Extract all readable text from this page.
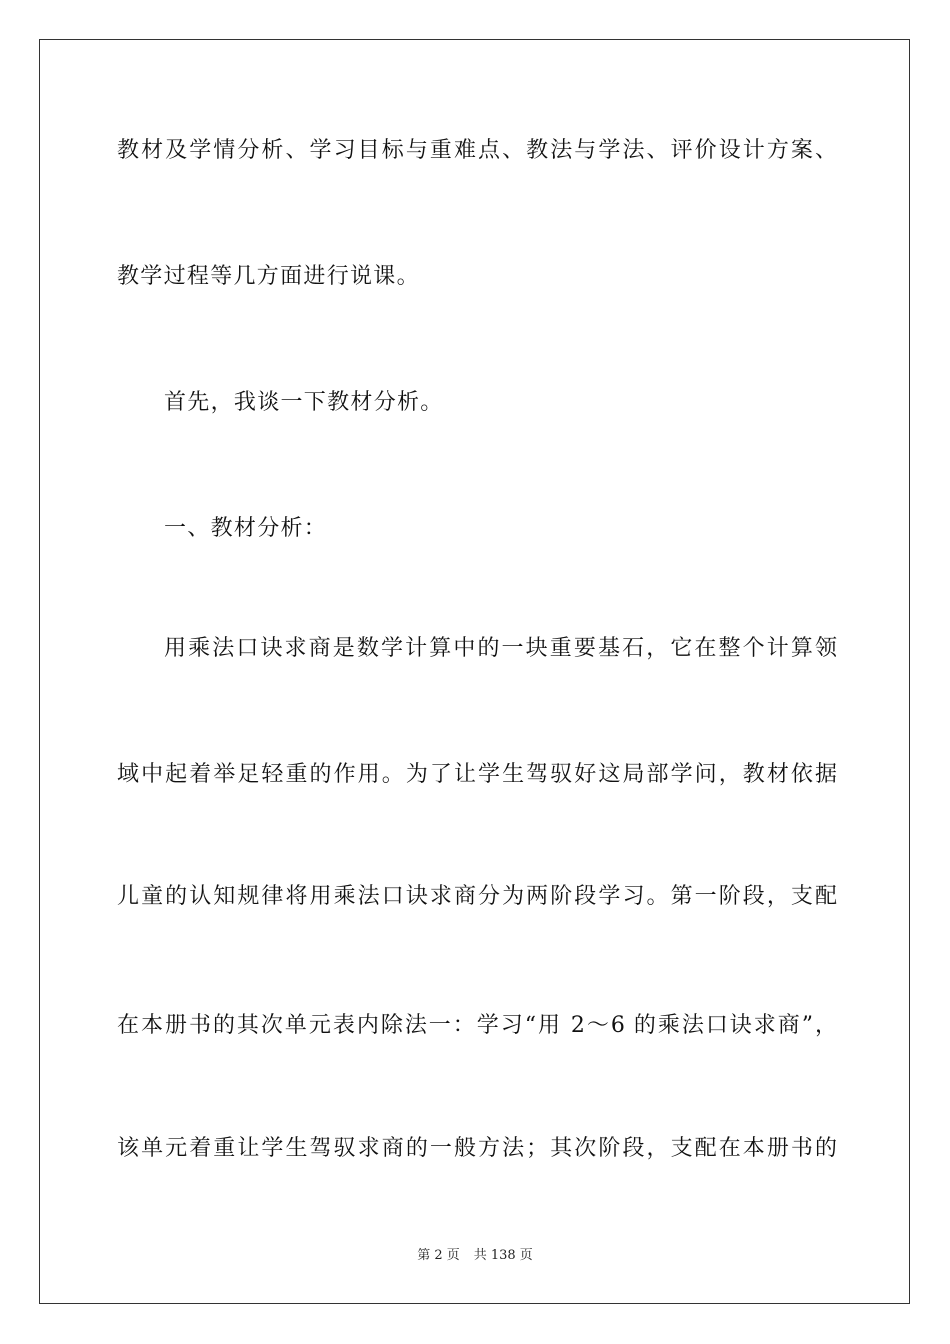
教材及学情分析、学习目标与重难点、教法与学法、评价设计方案、
教学过程等几方面进行说课。
首先，我谈一下教材分析。
一、教材分析：
用乘法口诀求商是数学计算中的一块重要基石，它在整个计算领
域中起着举足轻重的作用。为了让学生驾驭好这局部学问，教材依据
儿童的认知规律将用乘法口诀求商分为两阶段学习。第一阶段，支配
在本册书的其次单元表内除法一：学习“用 2～6 的乘法口诀求商”，
该单元着重让学生驾驭求商的一般方法；其次阶段，支配在本册书的
第 2 页 共 138 页
